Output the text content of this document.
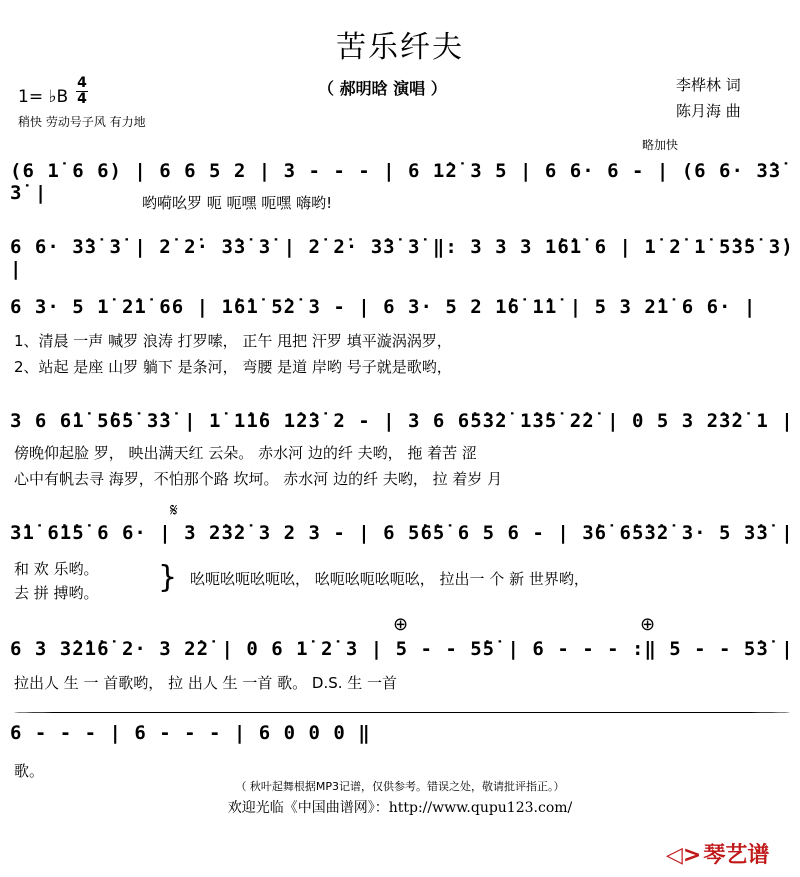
苦乐纤夫
（ 郝明晗 演唱 ）
1= ♭B
4
4
稍快 劳动号子风 有力地
李桦林 词
陈月海 曲
略加快
(6 1̇ 6 6) | 6 6 5 2 | 3 - - - | 6 1̇2̇ 3 5 | 6 6· 6 - | (6 6· 3̇3̇ 3̇ |	哟嗬吆罗 呃 呃嘿 呃嘿 嗨哟!
6 6· 3̇3̇ 3̇ | 2̇ 2̇· 3̇3̇ 3̇ | 2̇ 2̇· 3̇3̇ 3̇ ‖: 3 3 3 1̇6̇1̇ 6 | 1̇ 2̇ 1̇ 5̇3̇5̇ 3̇) |
6 3· 5 1̇ 2̇1̇ 66 | 1̇6̇1̇ 5̇2̇ 3 - | 6 3· 5 2 1̇6̇ 1̇1̇ | 5 3 2̇1̇ 6 6· |
1、清晨 一声 喊罗 浪涛 打罗嗦， 正午 甩把 汗罗 填平漩涡涡罗，
2、站起 是座 山罗 躺下 是条河， 弯腰 是道 岸哟 号子就是歌哟，
3 6 6̇1̇ 5̇6̇5̇ 3̇3̇ | 1̇ 1̇1̇6 1̇2̇3̇ 2 - | 3 6 6̇5̇3̇2̇ 1̇3̇5̇ 2̇2̇ | 0 5 3 2̇3̇2̇ 1 |
傍晚仰起脸 罗， 映出满天红 云朵。 赤水河 边的纤 夫哟， 拖 着苦 涩
心中有帆去寻 海罗，不怕那个路 坎坷。 赤水河 边的纤 夫哟， 拉 着岁 月
𝄋
3̇1̇ 6̇1̇5̇ 6 6· | 3 2̇3̇2̇ 3 2 3 - | 6 5̇6̇5̇ 6 5 6 - | 3̇6̇ 6̇5̇3̇2̇ 3· 5 3̇3̇ |
和 欢 乐哟。
去 拼 搏哟。 } 吆呃吆呃吆呃吆， 吆呃吆呃吆呃吆， 拉出一 个 新 世界哟，
⊕	⊕
6 3 3̇2̇1̇6̇ 2· 3 2̇2̇ | 0 6 1̇ 2̇ 3 | 5 - - 5̇5̇ | 6 - - - :‖ 5 - - 5̇3̇ |
拉出人 生 一 首歌哟， 拉 出人 生 一首 歌。 D.S. 生 一首
6 - - - | 6 - - - | 6 0 0 0 ‖
歌。
（ 秋叶起舞根据MP3记谱，仅供参考。错误之处，敬请批评指正。）
欢迎光临《中国曲谱网》：http://www.qupu123.com/
◁>琴艺谱
